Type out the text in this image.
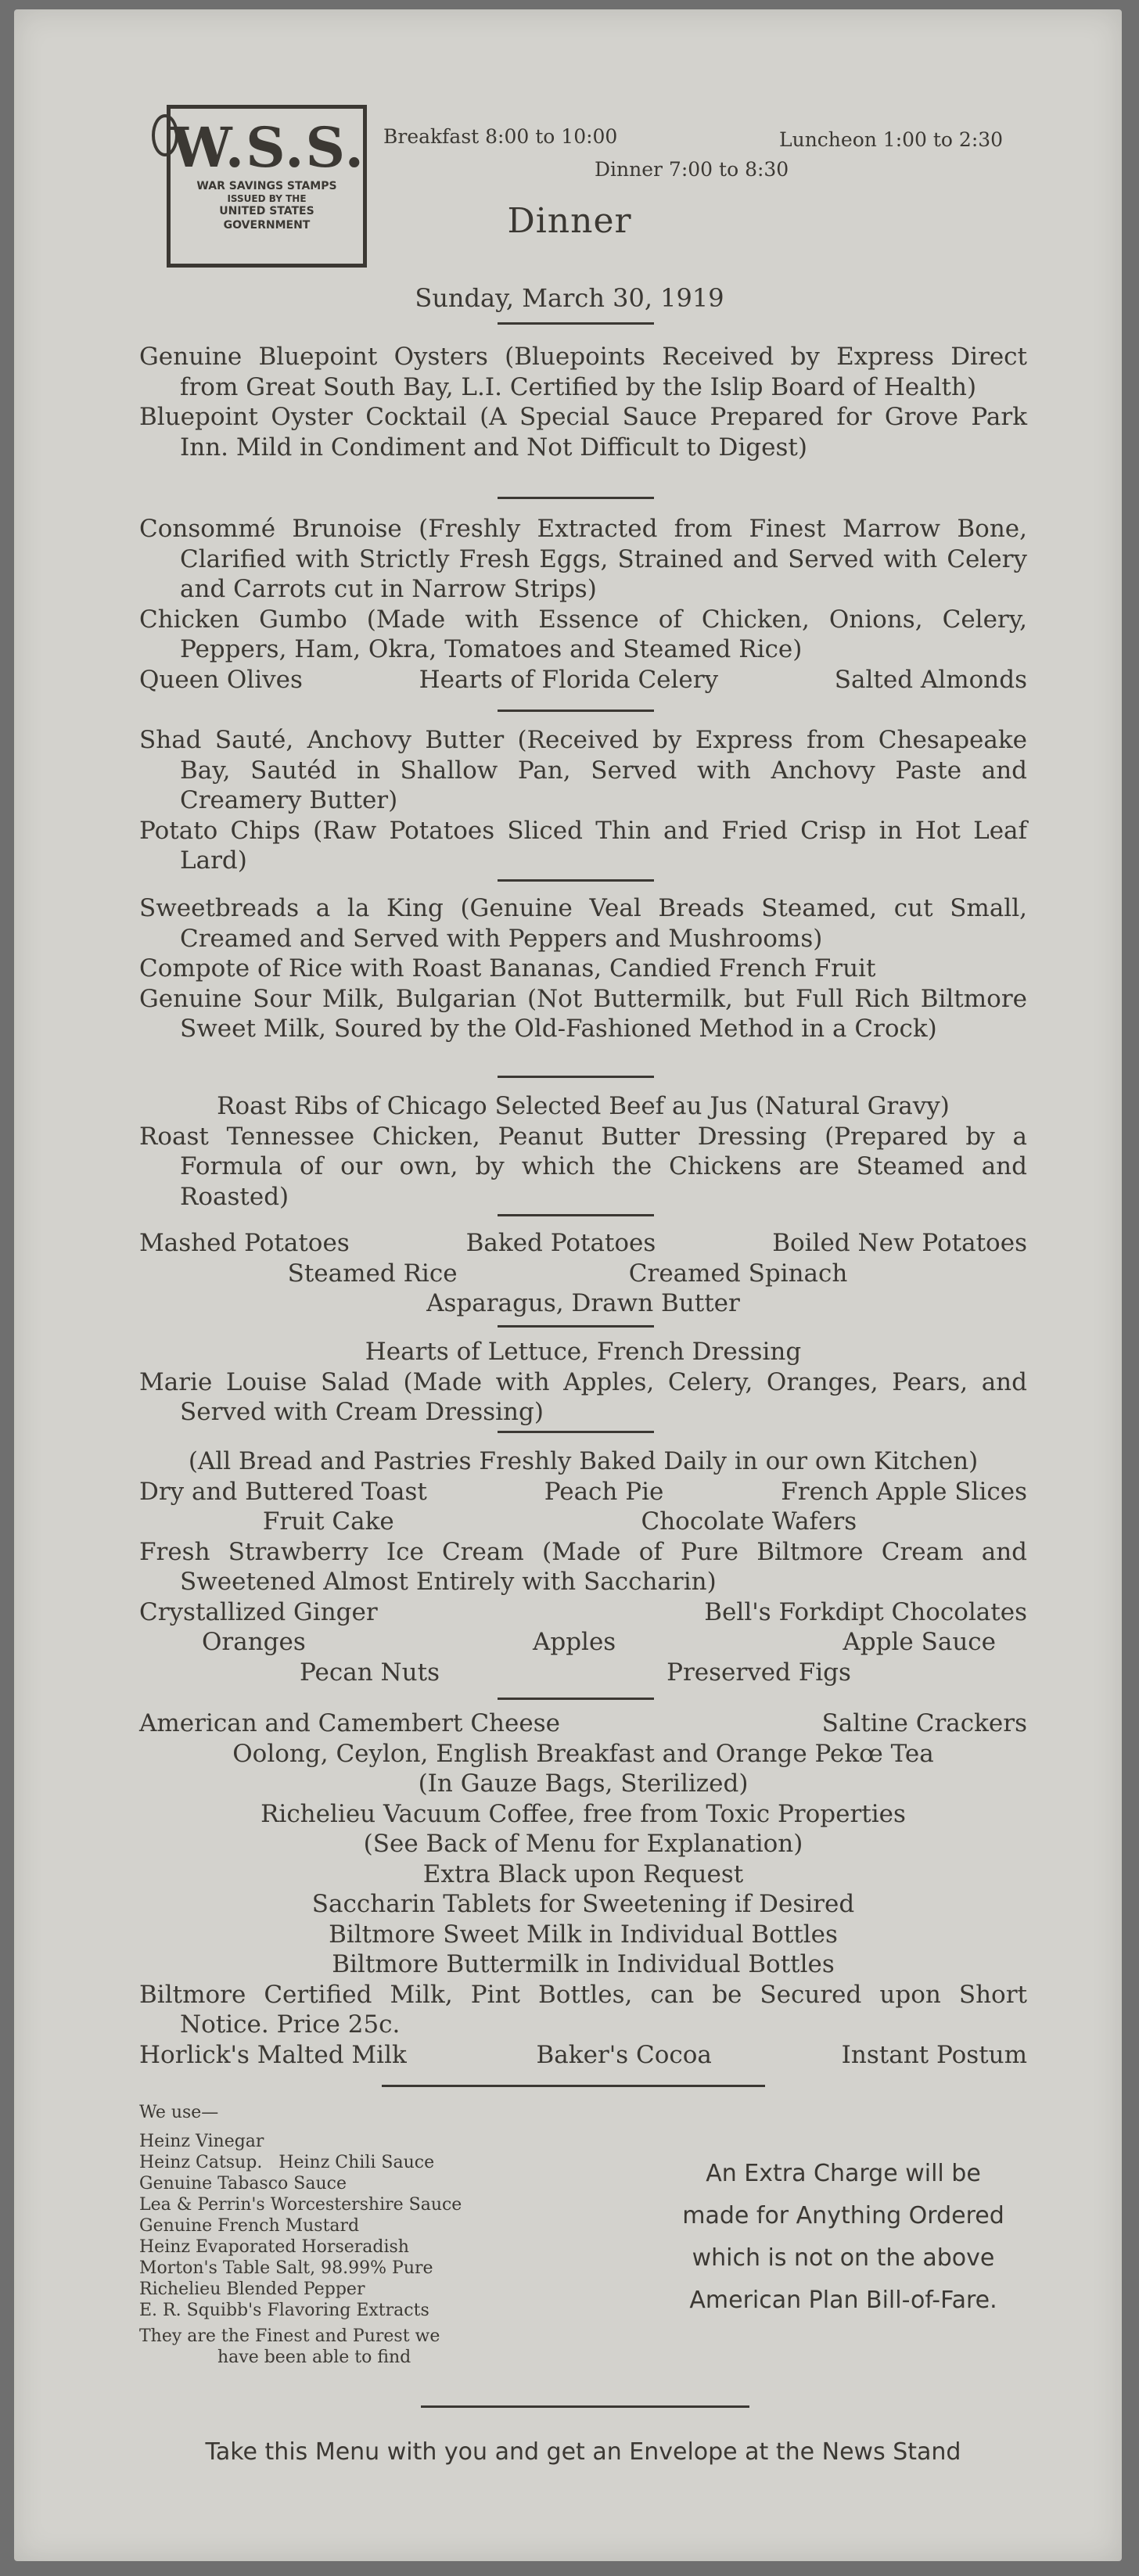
W.S.S.
WAR SAVINGS STAMPS
ISSUED BY THE
UNITED STATES
GOVERNMENT
Breakfast 8:00 to 10:00	Luncheon 1:00 to 2:30
Dinner 7:00 to 8:30
Dinner
Sunday, March 30, 1919

Genuine Bluepoint Oysters (Bluepoints Received by Express Direct from Great South Bay, L.I. Certified by the Islip Board of Health)

Bluepoint Oyster Cocktail (A Special Sauce Prepared for Grove Park Inn. Mild in Condiment and Not Difficult to Digest)

Consommé Brunoise (Freshly Extracted from Finest Marrow Bone, Clarified with Strictly Fresh Eggs, Strained and Served with Celery and Carrots cut in Narrow Strips)

Chicken Gumbo (Made with Essence of Chicken, Onions, Celery, Peppers, Ham, Okra, Tomatoes and Steamed Rice)

Queen Olives	Hearts of Florida Celery	Salted Almonds

Shad Sauté, Anchovy Butter (Received by Express from Chesapeake Bay, Sautéd in Shallow Pan, Served with Anchovy Paste and Creamery Butter)

Potato Chips (Raw Potatoes Sliced Thin and Fried Crisp in Hot Leaf Lard)

Sweetbreads a la King (Genuine Veal Breads Steamed, cut Small, Creamed and Served with Peppers and Mushrooms)

Compote of Rice with Roast Bananas, Candied French Fruit

Genuine Sour Milk, Bulgarian (Not Buttermilk, but Full Rich Biltmore Sweet Milk, Soured by the Old-Fashioned Method in a Crock)

Roast Ribs of Chicago Selected Beef au Jus (Natural Gravy)

Roast Tennessee Chicken, Peanut Butter Dressing (Prepared by a Formula of our own, by which the Chickens are Steamed and Roasted)

Mashed Potatoes	Baked Potatoes	Boiled New Potatoes
Steamed Rice	Creamed Spinach
Asparagus, Drawn Butter
Hearts of Lettuce, French Dressing

Marie Louise Salad (Made with Apples, Celery, Oranges, Pears, and Served with Cream Dressing)

(All Bread and Pastries Freshly Baked Daily in our own Kitchen)
Dry and Buttered Toast	Peach Pie	French Apple Slices
Fruit Cake	Chocolate Wafers

Fresh Strawberry Ice Cream (Made of Pure Biltmore Cream and Sweetened Almost Entirely with Saccharin)

Crystallized Ginger	Bell's Forkdipt Chocolates
Oranges	Apples	Apple Sauce
Pecan Nuts	Preserved Figs
American and Camembert Cheese	Saltine Crackers
Oolong, Ceylon, English Breakfast and Orange Pekœ Tea
(In Gauze Bags, Sterilized)
Richelieu Vacuum Coffee, free from Toxic Properties
(See Back of Menu for Explanation)
Extra Black upon Request
Saccharin Tablets for Sweetening if Desired
Biltmore Sweet Milk in Individual Bottles
Biltmore Buttermilk in Individual Bottles

Biltmore Certified Milk, Pint Bottles, can be Secured upon Short Notice. Price 25c.

Horlick's Malted Milk	Baker's Cocoa	Instant Postum
We use—
Heinz Vinegar
Heinz Catsup.   Heinz Chili Sauce
Genuine Tabasco Sauce
Lea & Perrin's Worcestershire Sauce
Genuine French Mustard
Heinz Evaporated Horseradish
Morton's Table Salt, 98.99% Pure
Richelieu Blended Pepper
E. R. Squibb's Flavoring Extracts
They are the Finest and Purest we
have been able to find
An Extra Charge will be
made for Anything Ordered
which is not on the above
American Plan Bill-of-Fare.
Take this Menu with you and get an Envelope at the News Stand
